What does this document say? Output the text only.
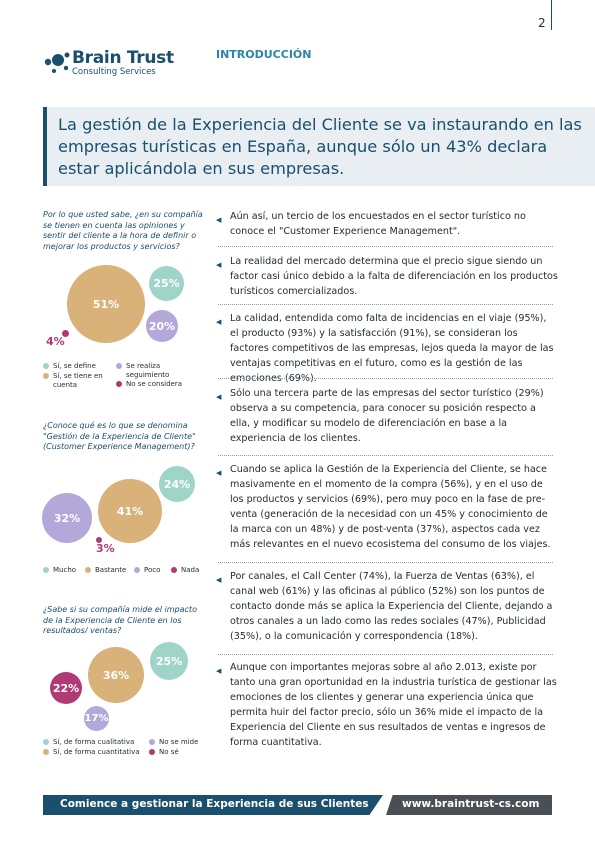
2
Brain Trust
Consulting Services
INTRODUCCIÓN
La gestión de la Experiencia del Cliente se va instaurando en las empresas turísticas en España, aunque sólo un 43% declara estar aplicándola en sus empresas.
Por lo que usted sabe, ¿en su compañía se tienen en cuenta las opiniones y sentir del cliente a la hora de definir o mejorar los productos y servicios?
51%
25%
20%
4%
Sí, se define
Sí, se tiene en cuenta
Se realiza seguimiento
No se considera
¿Conoce qué es lo que se denomina "Gestión de la Experiencia de Cliente" (Customer Experience Management)?
41%
24%
32%
3%
Mucho	Bastante	Poco	Nada
¿Sabe si su compañía mide el impacto de la Experiencia de Cliente en los resultados/ ventas?
36%
25%
22%
17%
Sí, de forma cualitativa
Sí, de forma cuantitativa
No se mide
No sé
◀ Aún así, un tercio de los encuestados en el sector turístico no conoce el "Customer Experience Management".
◀ La realidad del mercado determina que el precio sigue siendo un factor casi único debido a la falta de diferenciación en los productos turísticos comercializados.
◀ La calidad, entendida como falta de incidencias en el viaje (95%), el producto (93%) y la satisfacción (91%), se consideran los factores competitivos de las empresas, lejos queda la mayor de las ventajas competitivas en el futuro, como es la gestión de las emociones (69%).
◀ Sólo una tercera parte de las empresas del sector turístico (29%) observa a su competencia, para conocer su posición respecto a ella, y modificar su modelo de diferenciación en base a la experiencia de los clientes.
◀ Cuando se aplica la Gestión de la Experiencia del Cliente, se hace masivamente en el momento de la compra (56%), y en el uso de los productos y servicios (69%), pero muy poco en la fase de pre-venta (generación de la necesidad con un 45% y conocimiento de la marca con un 48%) y de post-venta (37%), aspectos cada vez más relevantes en el nuevo ecosistema del consumo de los viajes.
◀ Por canales, el Call Center (74%), la Fuerza de Ventas (63%), el canal web (61%) y las oficinas al público (52%) son los puntos de contacto donde más se aplica la Experiencia del Cliente, dejando a otros canales a un lado como las redes sociales (47%), Publicidad (35%), o la comunicación y correspondencia (18%).
◀ Aunque con importantes mejoras sobre al año 2.013, existe por tanto una gran oportunidad en la industria turística de gestionar las emociones de los clientes y generar una experiencia única que permita huir del factor precio, sólo un 36% mide el impacto de la Experiencia del Cliente en sus resultados de ventas e ingresos de forma cuantitativa.
Comience a gestionar la Experiencia de sus Clientes	www.braintrust-cs.com
